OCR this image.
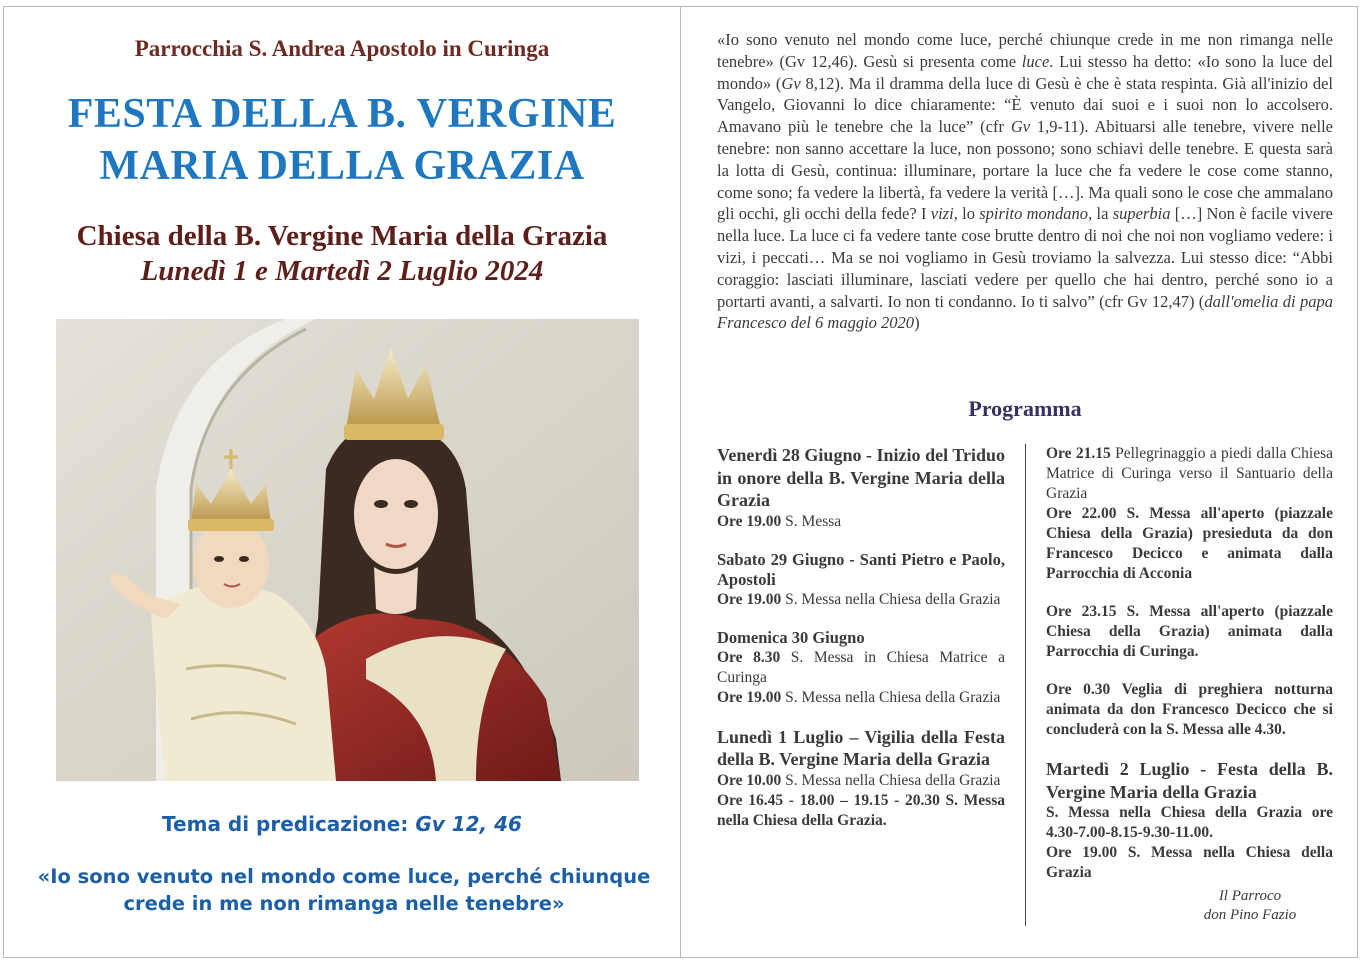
Parrocchia S. Andrea Apostolo in Curinga
FESTA DELLA B. VERGINE
MARIA DELLA GRAZIA
Chiesa della B. Vergine Maria della Grazia
Lunedì 1 e Martedì 2 Luglio 2024
Tema di predicazione: Gv 12, 46
«Io sono venuto nel mondo come luce, perché chiunque crede in me non rimanga nelle tenebre»
«Io sono venuto nel mondo come luce, perché chiunque crede in me non rimanga nelle tenebre» (Gv 12,46). Gesù si presenta come luce. Lui stesso ha detto: «Io sono la luce del mondo» (Gv 8,12). Ma il dramma della luce di Gesù è che è stata respinta. Già all'inizio del Vangelo, Giovanni lo dice chiaramente: “È venuto dai suoi e i suoi non lo accolsero. Amavano più le tenebre che la luce” (cfr Gv 1,9-11). Abituarsi alle tenebre, vivere nelle tenebre: non sanno accettare la luce, non possono; sono schiavi delle tenebre. E questa sarà la lotta di Gesù, continua: illuminare, portare la luce che fa vedere le cose come stanno, come sono; fa vedere la libertà, fa vedere la verità […]. Ma quali sono le cose che ammalano gli occhi, gli occhi della fede? I vizi, lo spirito mondano, la superbia […] Non è facile vivere nella luce. La luce ci fa vedere tante cose brutte dentro di noi che noi non vogliamo vedere: i vizi, i peccati… Ma se noi vogliamo in Gesù troviamo la salvezza. Lui stesso dice: “Abbi coraggio: lasciati illuminare, lasciati vedere per quello che hai dentro, perché sono io a portarti avanti, a salvarti. Io non ti condanno. Io ti salvo” (cfr Gv 12,47) (dall'omelia di papa Francesco del 6 maggio 2020)
Programma
Venerdì 28 Giugno - Inizio del Triduo in onore della B. Vergine Maria della Grazia
Ore 19.00 S. Messa
Sabato 29 Giugno - Santi Pietro e Paolo, Apostoli
Ore 19.00 S. Messa nella Chiesa della Grazia
Domenica 30 Giugno
Ore 8.30 S. Messa in Chiesa Matrice a Curinga
Ore 19.00 S. Messa nella Chiesa della Grazia
Lunedì 1 Luglio – Vigilia della Festa della B. Vergine Maria della Grazia
Ore 10.00 S. Messa nella Chiesa della Grazia
Ore 16.45 - 18.00 – 19.15 - 20.30 S. Messa nella Chiesa della Grazia.
Ore 21.15 Pellegrinaggio a piedi dalla Chiesa Matrice di Curinga verso il Santuario della Grazia
Ore 22.00 S. Messa all'aperto (piazzale Chiesa della Grazia) presieduta da don Francesco Decicco e animata dalla Parrocchia di Acconia
Ore 23.15 S. Messa all'aperto (piazzale Chiesa della Grazia) animata dalla Parrocchia di Curinga.
Ore 0.30 Veglia di preghiera notturna animata da don Francesco Decicco che si concluderà con la S. Messa alle 4.30.
Martedì 2 Luglio - Festa della B. Vergine Maria della Grazia
S. Messa nella Chiesa della Grazia ore 4.30-7.00-8.15-9.30-11.00.
Ore 19.00 S. Messa nella Chiesa della Grazia
Il Parroco
don Pino Fazio
